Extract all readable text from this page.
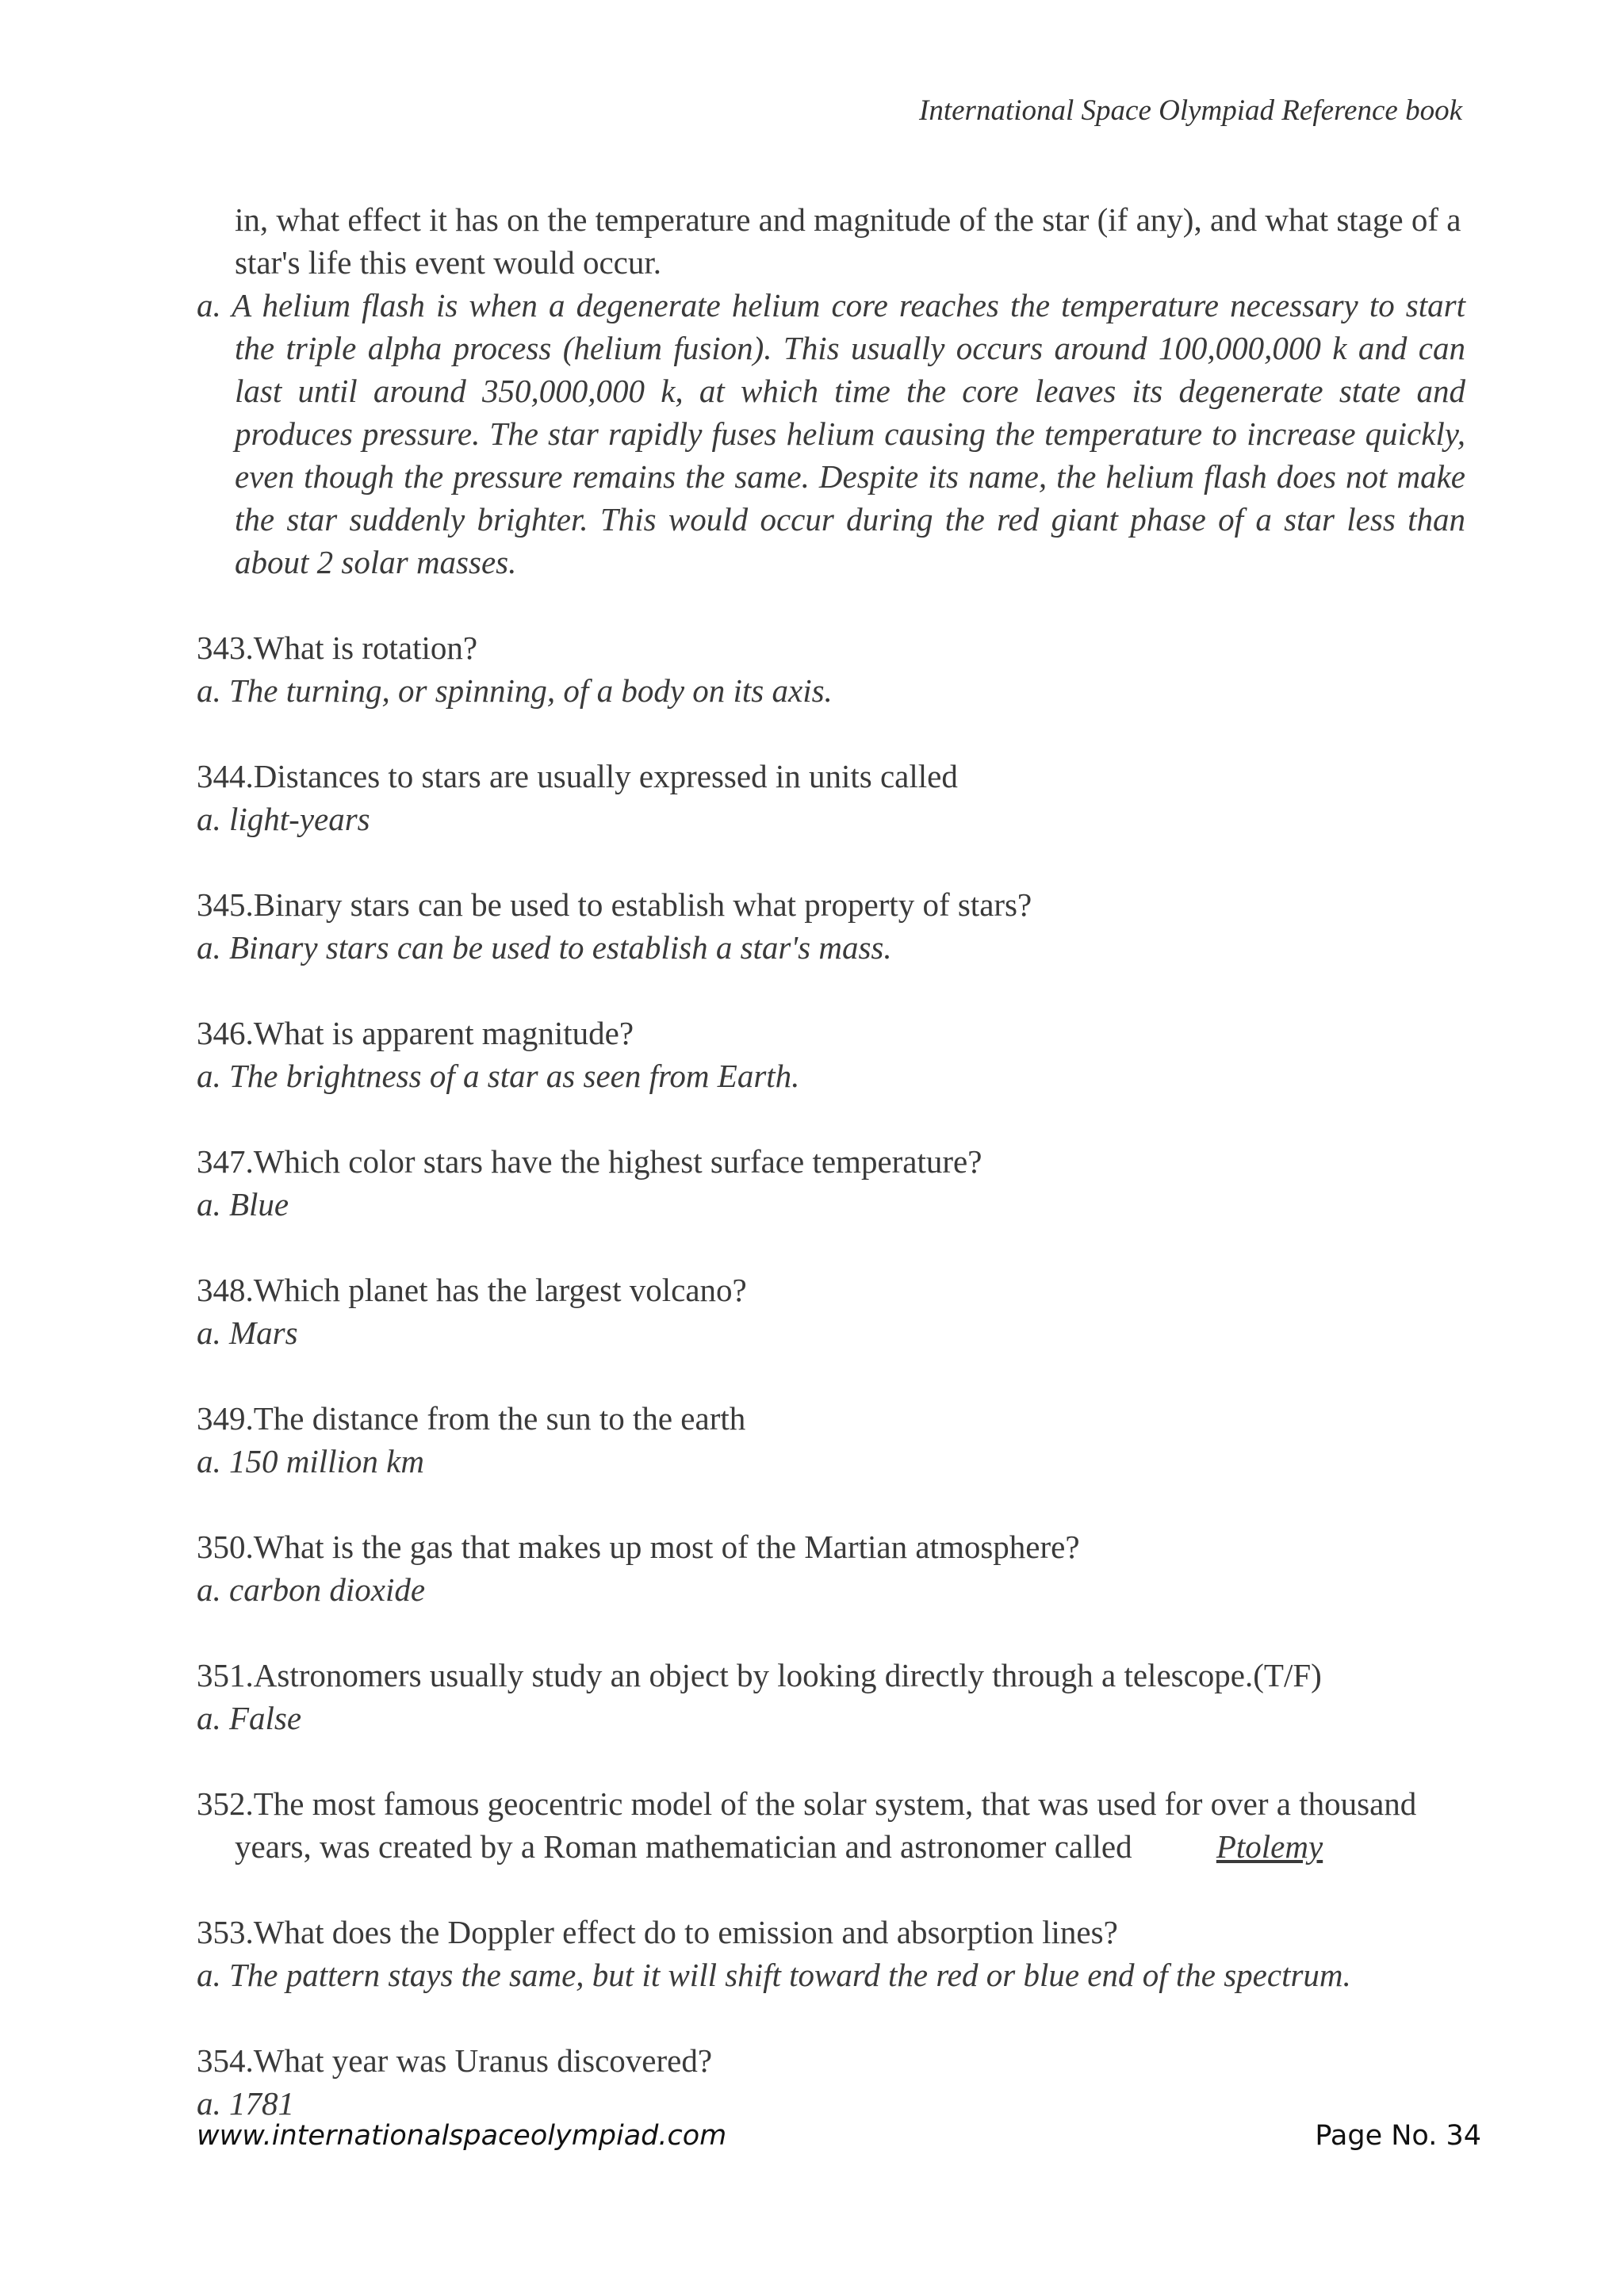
International Space Olympiad Reference book

in, what effect it has on the temperature and magnitude of the star (if any), and what stage of a star's life this event would occur.

a. A helium flash is when a degenerate helium core reaches the temperature necessary to start the triple alpha process (helium fusion). This usually occurs around 100,000,000 k and can last until around 350,000,000 k, at which time the core leaves its degenerate state and produces pressure. The star rapidly fuses helium causing the temperature to increase quickly, even though the pressure remains the same. Despite its name, the helium flash does not make the star suddenly brighter. This would occur during the red giant phase of a star less than about 2 solar masses.

343.What is rotation?

a. The turning, or spinning, of a body on its axis.

344.Distances to stars are usually expressed in units called

a. light-years

345.Binary stars can be used to establish what property of stars?

a. Binary stars can be used to establish a star's mass.

346.What is apparent magnitude?

a. The brightness of a star as seen from Earth.

347.Which color stars have the highest surface temperature?

a. Blue

348.Which planet has the largest volcano?

a. Mars

349.The distance from the sun to the earth

a. 150 million km

350.What is the gas that makes up most of the Martian atmosphere?

a. carbon dioxide

351.Astronomers usually study an object by looking directly through a telescope.(T/F)

a. False

352.The most famous geocentric model of the solar system, that was used for over a thousand

years, was created by a Roman mathematician and astronomer called	Ptolemy

353.What does the Doppler effect do to emission and absorption lines?

a. The pattern stays the same, but it will shift toward the red or blue end of the spectrum.

354.What year was Uranus discovered?

a. 1781

www.internationalspaceolympiad.com	Page No. 34
